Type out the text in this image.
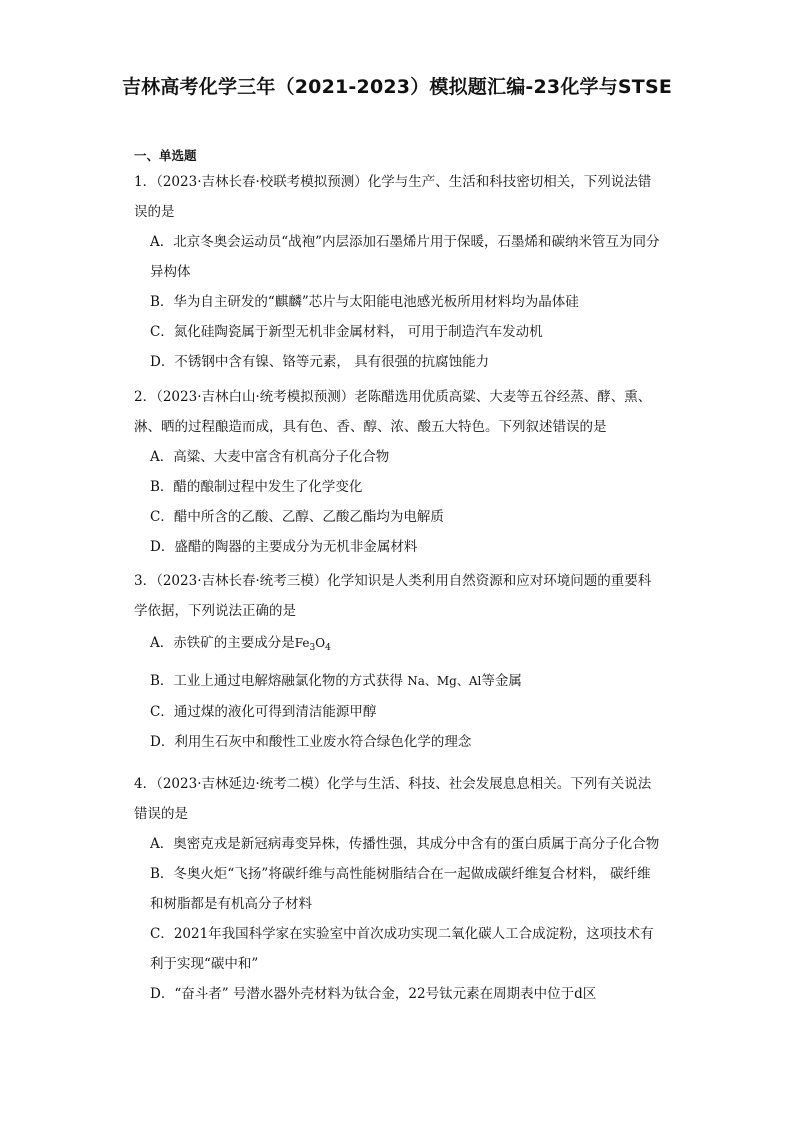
吉林高考化学三年（2021-2023）模拟题汇编-23化学与STSE
一、单选题
1．（2023·吉林长春·校联考模拟预测）化学与生产、生活和科技密切相关，下列说法错误的是
A．北京冬奥会运动员“战袍”内层添加石墨烯片用于保暖，石墨烯和碳纳米管互为同分异构体
B．华为自主研发的“麒麟”芯片与太阳能电池感光板所用材料均为晶体硅
C．氮化硅陶瓷属于新型无机非金属材料， 可用于制造汽车发动机
D．不锈钢中含有镍、铬等元素， 具有很强的抗腐蚀能力
2．（2023·吉林白山·统考模拟预测）老陈醋选用优质高粱、大麦等五谷经蒸、酵、熏、淋、晒的过程酿造而成，具有色、香、醇、浓、酸五大特色。下列叙述错误的是
A．高粱、大麦中富含有机高分子化合物
B．醋的酿制过程中发生了化学变化
C．醋中所含的乙酸、乙醇、乙酸乙酯均为电解质
D．盛醋的陶器的主要成分为无机非金属材料
3．（2023·吉林长春·统考三模）化学知识是人类利用自然资源和应对环境问题的重要科学依据，下列说法正确的是
A．赤铁矿的主要成分是$Fe_3O_4$
B．工业上通过电解熔融氯化物的方式获得 Na、Mg、Al等金属
C．通过煤的液化可得到清洁能源甲醇
D．利用生石灰中和酸性工业废水符合绿色化学的理念
4．（2023·吉林延边·统考二模）化学与生活、科技、社会发展息息相关。下列有关说法错误的是
A．奥密克戎是新冠病毒变异株，传播性强，其成分中含有的蛋白质属于高分子化合物
B．冬奥火炬“飞扬”将碳纤维与高性能树脂结合在一起做成碳纤维复合材料， 碳纤维和树脂都是有机高分子材料
C．2021年我国科学家在实验室中首次成功实现二氧化碳人工合成淀粉，这项技术有利于实现“碳中和”
D．“奋斗者” 号潜水器外壳材料为钛合金，22号钛元素在周期表中位于d区
